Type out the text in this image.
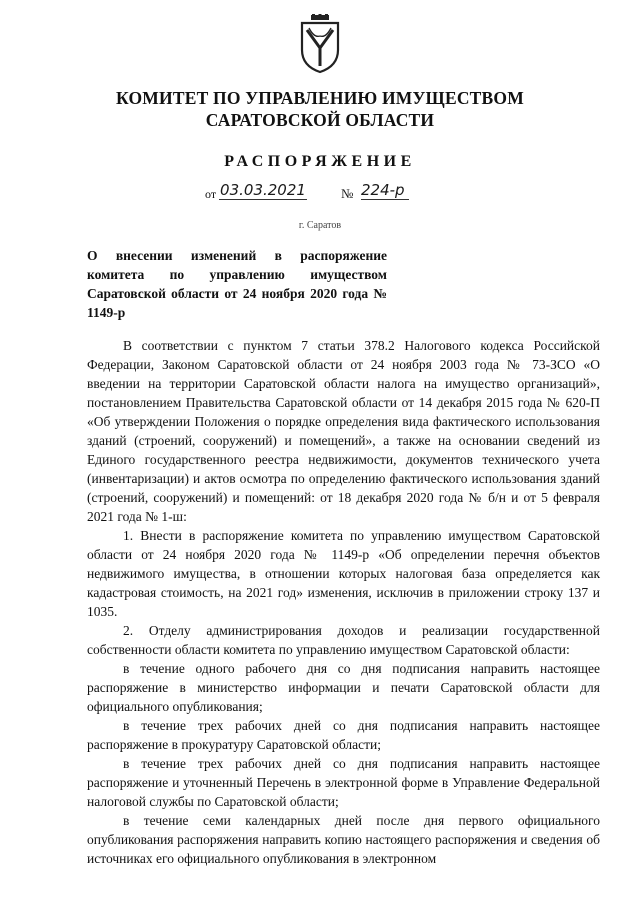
КОМИТЕТ ПО УПРАВЛЕНИЮ ИМУЩЕСТВОМ
САРАТОВСКОЙ ОБЛАСТИ
РАСПОРЯЖЕНИЕ
от 03.03.2021	№ 224-р
г. Саратов
О внесении изменений в распоряжение комитета по управлению имуществом Саратовской области от 24 ноября 2020 года № 1149-р

В соответствии с пунктом 7 статьи 378.2 Налогового кодекса Российской Федерации, Законом Саратовской области от 24 ноября 2003 года № 73-ЗСО «О введении на территории Саратовской области налога на имущество организаций», постановлением Правительства Саратовской области от 14 декабря 2015 года № 620-П «Об утверждении Положения о порядке определения вида фактического использования зданий (строений, сооружений) и помещений», а также на основании сведений из Единого государственного реестра недвижимости, документов технического учета (инвентаризации) и актов осмотра по определению фактического использования зданий (строений, сооружений) и помещений: от 18 декабря 2020 года № б/н и от 5 февраля 2021 года № 1-ш:

1. Внести в распоряжение комитета по управлению имуществом Саратовской области от 24 ноября 2020 года № 1149-р «Об определении перечня объектов недвижимого имущества, в отношении которых налоговая база определяется как кадастровая стоимость, на 2021 год» изменения, исключив в приложении строку 137 и 1035.

2. Отделу администрирования доходов и реализации государственной собственности области комитета по управлению имуществом Саратовской области:

в течение одного рабочего дня со дня подписания направить настоящее распоряжение в министерство информации и печати Саратовской области для официального опубликования;

в течение трех рабочих дней со дня подписания направить настоящее распоряжение в прокуратуру Саратовской области;

в течение трех рабочих дней со дня подписания направить настоящее распоряжение и уточненный Перечень в электронной форме в Управление Федеральной налоговой службы по Саратовской области;

в течение семи календарных дней после дня первого официального опубликования распоряжения направить копию настоящего распоряжения и сведения об источниках его официального опубликования в электронном
